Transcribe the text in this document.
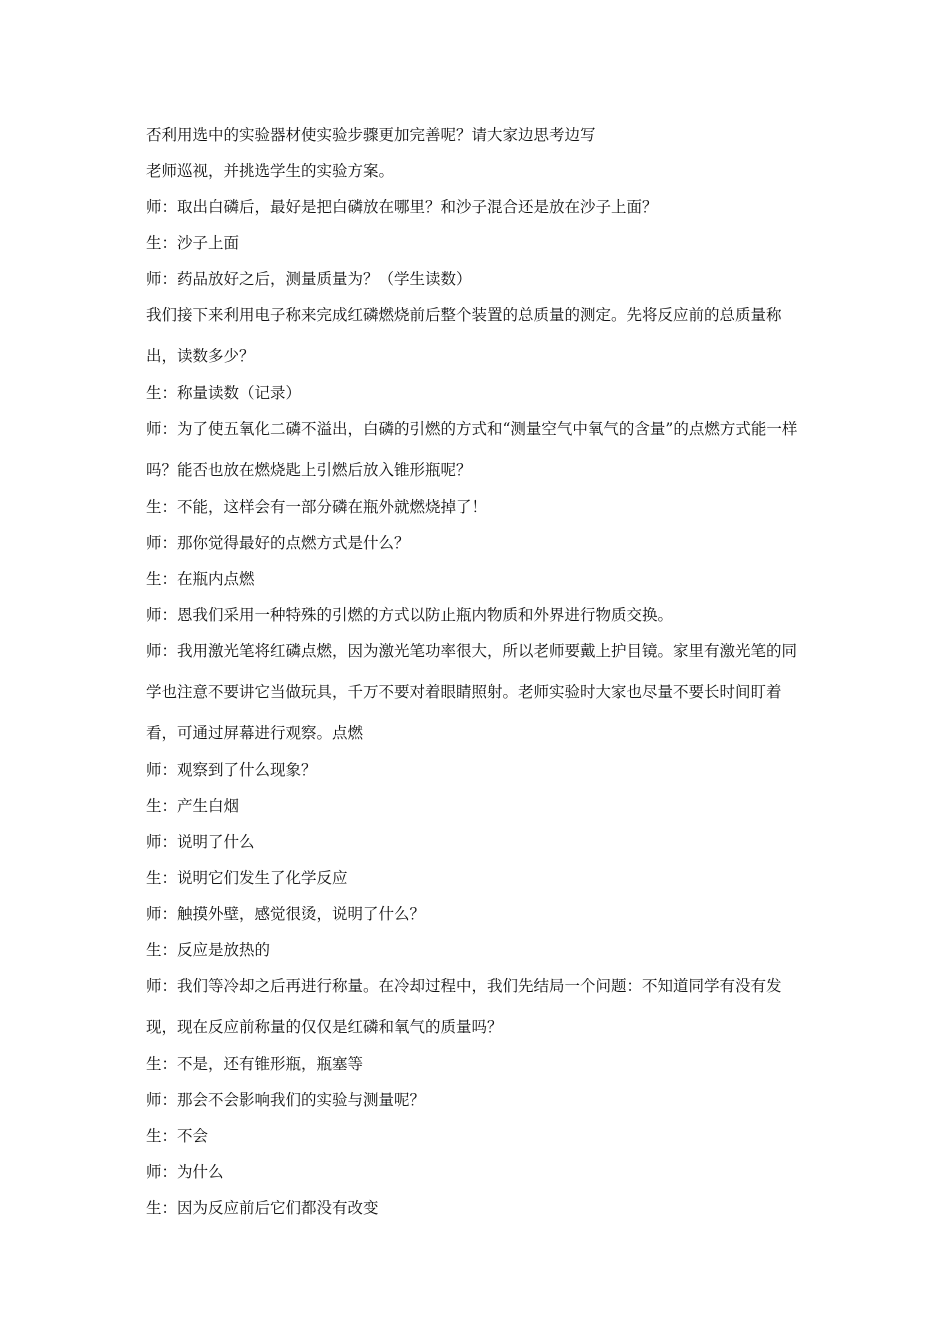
否利用选中的实验器材使实验步骤更加完善呢？请大家边思考边写

老师巡视，并挑选学生的实验方案。

师：取出白磷后，最好是把白磷放在哪里？和沙子混合还是放在沙子上面？

生：沙子上面

师：药品放好之后，测量质量为？（学生读数）

我们接下来利用电子称来完成红磷燃烧前后整个装置的总质量的测定。先将反应前的总质量称出，读数多少？

生：称量读数（记录）

师：为了使五氧化二磷不溢出，白磷的引燃的方式和“测量空气中氧气的含量”的点燃方式能一样吗？能否也放在燃烧匙上引燃后放入锥形瓶呢？

生：不能，这样会有一部分磷在瓶外就燃烧掉了！

师：那你觉得最好的点燃方式是什么？

生：在瓶内点燃

师：恩我们采用一种特殊的引燃的方式以防止瓶内物质和外界进行物质交换。

师：我用激光笔将红磷点燃，因为激光笔功率很大，所以老师要戴上护目镜。家里有激光笔的同学也注意不要讲它当做玩具，千万不要对着眼睛照射。老师实验时大家也尽量不要长时间盯着看，可通过屏幕进行观察。点燃

师：观察到了什么现象？

生：产生白烟

师：说明了什么

生：说明它们发生了化学反应

师：触摸外壁，感觉很烫，说明了什么？

生：反应是放热的

师：我们等冷却之后再进行称量。在冷却过程中，我们先结局一个问题：不知道同学有没有发现，现在反应前称量的仅仅是红磷和氧气的质量吗？

生：不是，还有锥形瓶，瓶塞等

师：那会不会影响我们的实验与测量呢？

生：不会

师：为什么

生：因为反应前后它们都没有改变
